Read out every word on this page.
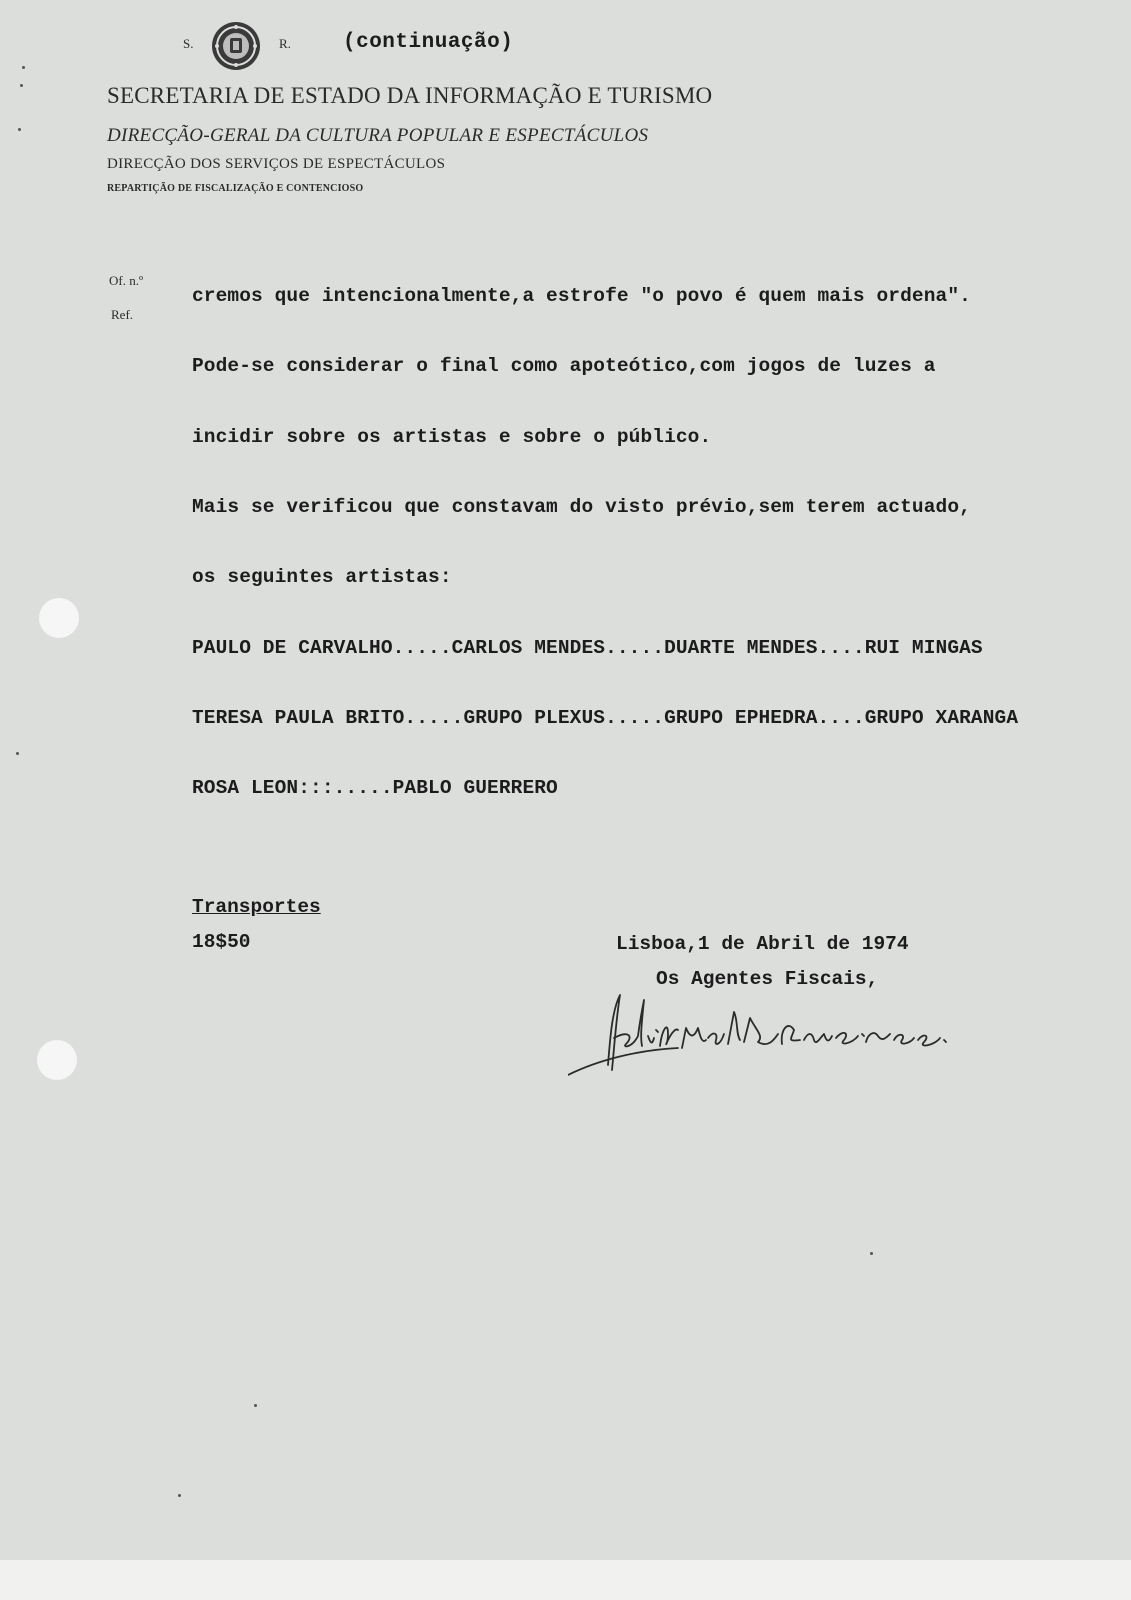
S.	R. (continuação)
SECRETARIA DE ESTADO DA INFORMAÇÃO E TURISMO
DIRECÇÃO-GERAL DA CULTURA POPULAR E ESPECTÁCULOS
DIRECÇÃO DOS SERVIÇOS DE ESPECTÁCULOS
REPARTIÇÃO DE FISCALIZAÇÃO E CONTENCIOSO
Of. n.º
Ref.
cremos que intencionalmente,a estrofe "o povo é quem mais ordena".
Pode-se considerar o final como apoteótico,com jogos de luzes a
incidir sobre os artistas e sobre o público.
Mais se verificou que constavam do visto prévio,sem terem actuado,
os seguintes artistas:
PAULO DE CARVALHO.....CARLOS MENDES.....DUARTE MENDES....RUI MINGAS
TERESA PAULA BRITO.....GRUPO PLEXUS.....GRUPO EPHEDRA....GRUPO XARANGA
ROSA LEON:::.....PABLO GUERRERO
Transportes
18$50	Lisboa,1 de Abril de 1974
Os Agentes Fiscais,
